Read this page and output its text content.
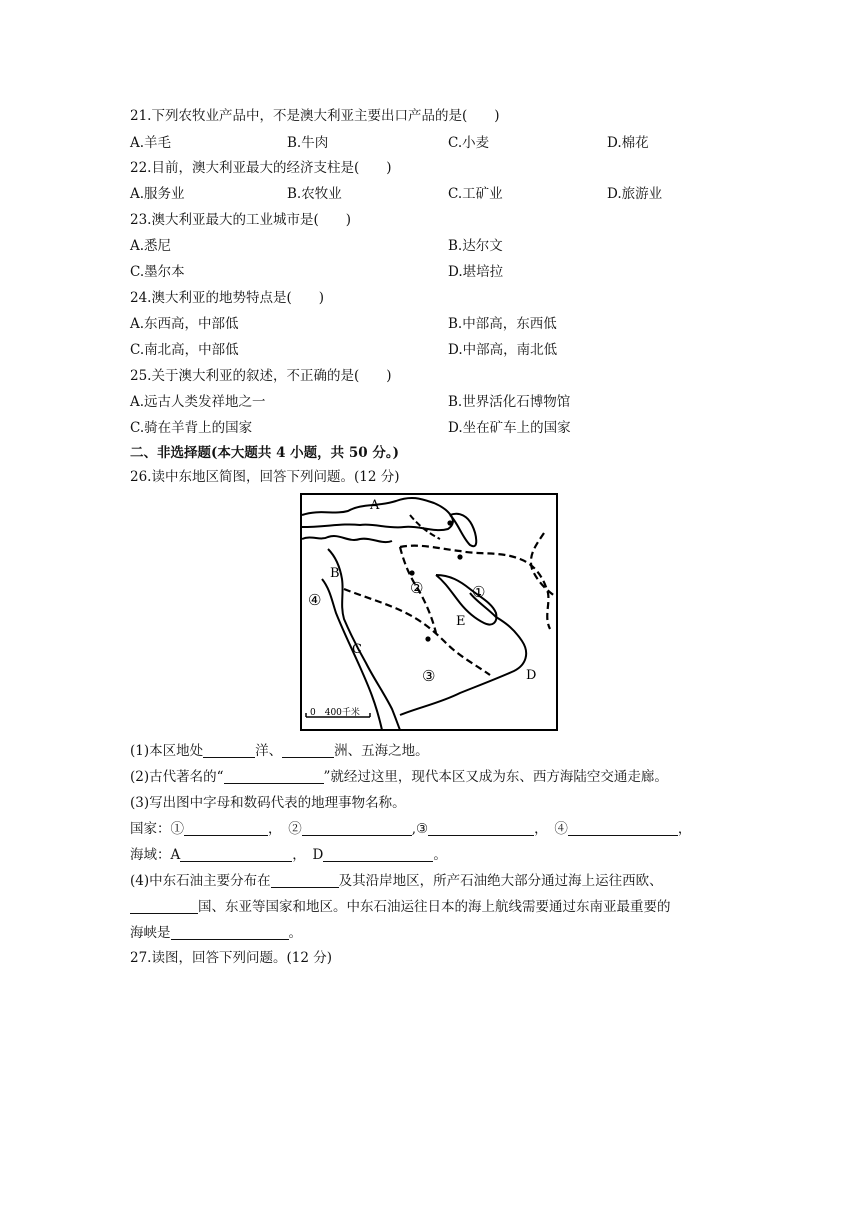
21.下列农牧业产品中，不是澳大利亚主要出口产品的是(　　)
A.羊毛	B.牛肉	C.小麦	D.棉花
22.目前，澳大利亚最大的经济支柱是(　　)
A.服务业	B.农牧业	C.工矿业	D.旅游业
23.澳大利亚最大的工业城市是(　　)
A.悉尼	B.达尔文
C.墨尔本	D.堪培拉
24.澳大利亚的地势特点是(　　)
A.东西高，中部低	B.中部高，东西低
C.南北高，中部低	D.中部高，南北低
25.关于澳大利亚的叙述，不正确的是(　　)
A.远古人类发祥地之一	B.世界活化石博物馆
C.骑在羊背上的国家	D.坐在矿车上的国家
二、非选择题(本大题共 4 小题，共 50 分。)
26.读中东地区简图，回答下列问题。(12 分)
A
B
C
D
E
①
②
③
④
0　400千米
(1)本区地处	洋、	洲、五海之地。
(2)古代著名的“	”就经过这里，现代本区又成为东、西方海陆空交通走廊。
(3)写出图中字母和数码代表的地理事物名称。
国家：①	，　②	,③	，　④	，
海域：A	，　D	。
(4)中东石油主要分布在	及其沿岸地区，所产石油绝大部分通过海上运往西欧、
国、东亚等国家和地区。中东石油运往日本的海上航线需要通过东南亚最重要的
海峡是	。
27.读图，回答下列问题。(12 分)
